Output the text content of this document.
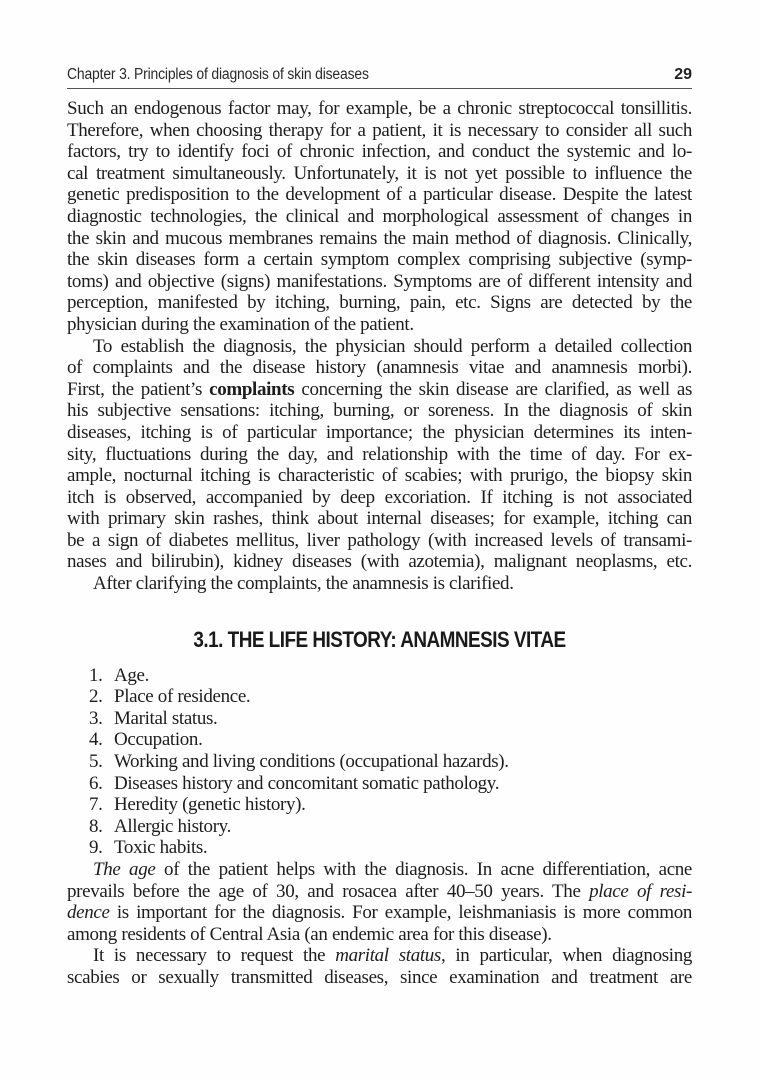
Chapter 3. Principles of diagnosis of skin diseases	29
Such an endogenous factor may, for example, be a chronic streptococcal tonsillitis.
Therefore, when choosing therapy for a patient, it is necessary to consider all such
factors, try to identify foci of chronic infection, and conduct the systemic and lo-
cal treatment simultaneously. Unfortunately, it is not yet possible to influence the
genetic predisposition to the development of a particular disease. Despite the latest
diagnostic technologies, the clinical and morphological assessment of changes in
the skin and mucous membranes remains the main method of diagnosis. Clinically,
the skin diseases form a certain symptom complex comprising subjective (symp-
toms) and objective (signs) manifestations. Symptoms are of different intensity and
perception, manifested by itching, burning, pain, etc. Signs are detected by the
physician during the examination of the patient.
To establish the diagnosis, the physician should perform a detailed collection
of complaints and the disease history (anamnesis vitae and anamnesis morbi).
First, the patient’s complaints concerning the skin disease are clarified, as well as
his subjective sensations: itching, burning, or soreness. In the diagnosis of skin
diseases, itching is of particular importance; the physician determines its inten-
sity, fluctuations during the day, and relationship with the time of day. For ex-
ample, nocturnal itching is characteristic of scabies; with prurigo, the biopsy skin
itch is observed, accompanied by deep excoriation. If itching is not associated
with primary skin rashes, think about internal diseases; for example, itching can
be a sign of diabetes mellitus, liver pathology (with increased levels of transami-
nases and bilirubin), kidney diseases (with azotemia), malignant neoplasms, etc.
After clarifying the complaints, the anamnesis is clarified.
3.1. THE LIFE HISTORY: ANAMNESIS VITAE
1. Age.
2. Place of residence.
3. Marital status.
4. Occupation.
5. Working and living conditions (occupational hazards).
6. Diseases history and concomitant somatic pathology.
7. Heredity (genetic history).
8. Allergic history.
9. Toxic habits.
The age of the patient helps with the diagnosis. In acne differentiation, acne
prevails before the age of 30, and rosacea after 40–50 years. The place of resi-
dence is important for the diagnosis. For example, leishmaniasis is more common
among residents of Central Asia (an endemic area for this disease).
It is necessary to request the marital status, in particular, when diagnosing
scabies or sexually transmitted diseases, since examination and treatment are
